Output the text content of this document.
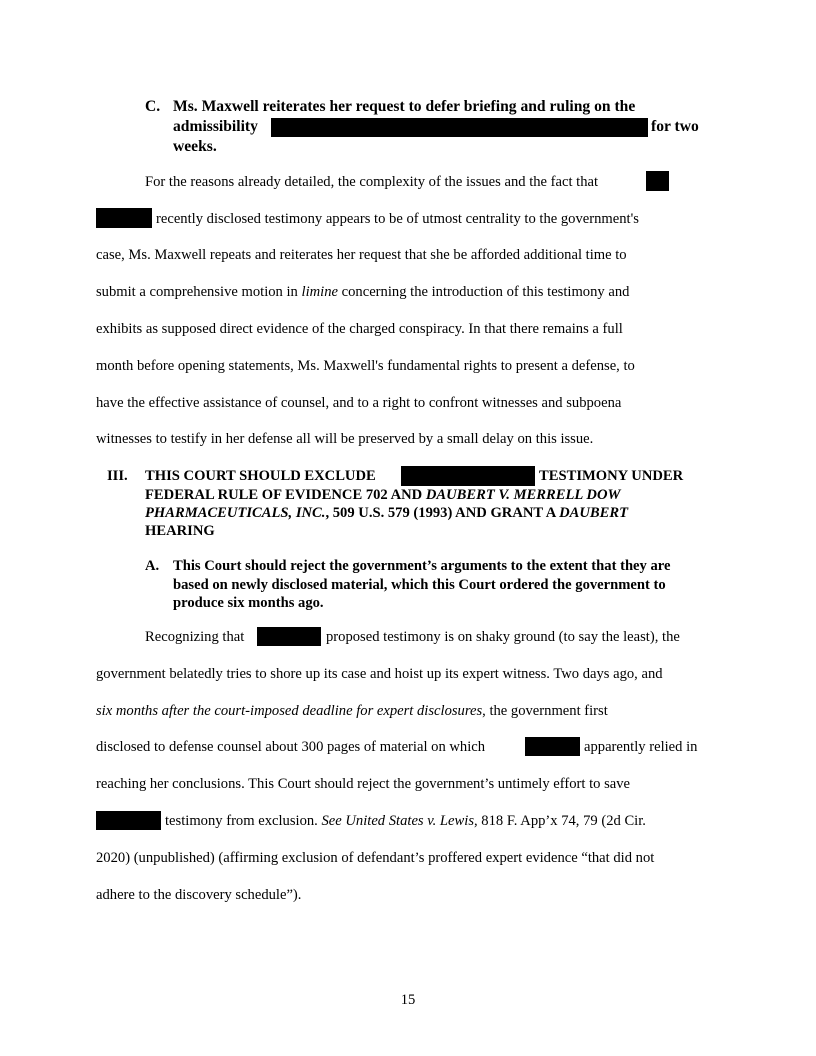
C. Ms. Maxwell reiterates her request to defer briefing and ruling on the
admissibility	for two
weeks.
For the reasons already detailed, the complexity of the issues and the fact that
recently disclosed testimony appears to be of utmost centrality to the government's
case, Ms. Maxwell repeats and reiterates her request that she be afforded additional time to
submit a comprehensive motion in limine concerning the introduction of this testimony and
exhibits as supposed direct evidence of the charged conspiracy. In that there remains a full
month before opening statements, Ms. Maxwell's fundamental rights to present a defense, to
have the effective assistance of counsel, and to a right to confront witnesses and subpoena
witnesses to testify in her defense all will be preserved by a small delay on this issue.
III. THIS COURT SHOULD EXCLUDE	TESTIMONY UNDER
FEDERAL RULE OF EVIDENCE 702 AND DAUBERT V. MERRELL DOW
PHARMACEUTICALS, INC., 509 U.S. 579 (1993) AND GRANT A DAUBERT
HEARING
A. This Court should reject the government’s arguments to the extent that they are
based on newly disclosed material, which this Court ordered the government to
produce six months ago.
Recognizing that	proposed testimony is on shaky ground (to say the least), the
government belatedly tries to shore up its case and hoist up its expert witness. Two days ago, and
six months after the court-imposed deadline for expert disclosures, the government first
disclosed to defense counsel about 300 pages of material on which	apparently relied in
reaching her conclusions. This Court should reject the government’s untimely effort to save
testimony from exclusion. See United States v. Lewis, 818 F. App’x 74, 79 (2d Cir.
2020) (unpublished) (affirming exclusion of defendant’s proffered expert evidence “that did not
adhere to the discovery schedule”).
15
